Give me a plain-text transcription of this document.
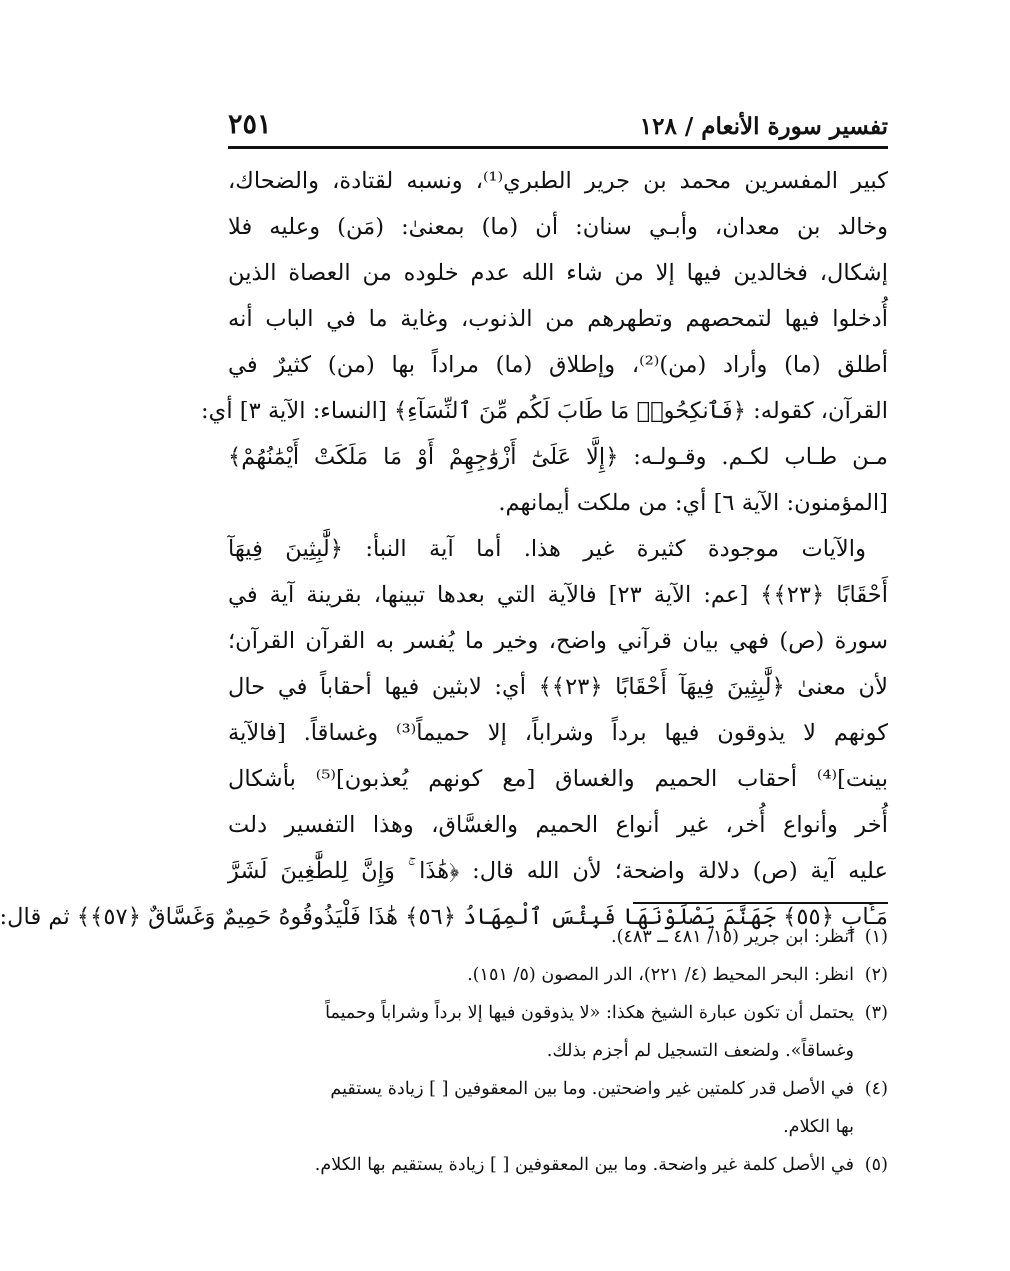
تفسير سورة الأنعام / ١٢٨
٢٥١
كبير المفسرين محمد بن جرير الطبري⁽¹⁾، ونسبه لقتادة، والضحاك،
وخالد بن معدان، وأبـي سنان: أن (ما) بمعنىٰ: (مَن) وعليه فلا
إشكال، فخالدين فيها إلا من شاء الله عدم خلوده من العصاة الذين
أُدخلوا فيها لتمحصهم وتطهرهم من الذنوب، وغاية ما في الباب أنه
أطلق (ما) وأراد (من)⁽²⁾، وإطلاق (ما) مراداً بها (من) كثيرٌ في
القرآن، كقوله: ﴿فَٱنكِحُوا۟ مَا طَابَ لَكُم مِّنَ ٱلنِّسَآءِ﴾ [النساء: الآية ٣] أي:
مـن طـاب لكـم. وقـولـه: ﴿إِلَّا عَلَىٰٓ أَزْوَٰجِهِمْ أَوْ مَا مَلَكَتْ أَيْمَٰنُهُمْ﴾
[المؤمنون: الآية ٦] أي: من ملكت أيمانهم.
والآيات موجودة كثيرة غير هذا. أما آية النبأ: ﴿لَّٰبِثِينَ فِيهَآ
أَحْقَابًا ﴿٢٣﴾﴾ [عم: الآية ٢٣] فالآية التي بعدها تبينها، بقرينة آية في
سورة (ص) فهي بيان قرآني واضح، وخير ما يُفسر به القرآن القرآن؛
لأن معنىٰ ﴿لَّٰبِثِينَ فِيهَآ أَحْقَابًا ﴿٢٣﴾﴾ أي: لابثين فيها أحقاباً في حال
كونهم لا يذوقون فيها برداً وشراباً، إلا حميماً⁽³⁾ وغساقاً. [فالآية
بينت]⁽⁴⁾ أحقاب الحميم والغساق [مع كونهم يُعذبون]⁽⁵⁾ بأشكال
أُخر وأنواع أُخر، غير أنواع الحميم والغسَّاق، وهذا التفسير دلت
عليه آية (ص) دلالة واضحة؛ لأن الله قال: ﴿هَٰذَا ۚ وَإِنَّ لِلطَّٰغِينَ لَشَرَّ
مَـَٔابٍ ﴿٥٥﴾ جَهَنَّمَ يَصْلَوْنَهَا فَبِئْسَ ٱلْمِهَادُ ﴿٥٦﴾ هَٰذَا فَلْيَذُوقُوهُ حَمِيمٌ وَغَسَّاقٌ ﴿٥٧﴾﴾ ثم قال:
(١)انظر: ابن جرير (١٥/ ٤٨١ ــ ٤٨٣).
(٢)انظر: البحر المحيط (٤/ ٢٢١)، الدر المصون (٥/ ١٥١).
(٣)يحتمل أن تكون عبارة الشيخ هكذا: «لا يذوقون فيها إلا برداً وشراباً وحميماً
وغساقاً». ولضعف التسجيل لم أجزم بذلك.
(٤)في الأصل قدر كلمتين غير واضحتين. وما بين المعقوفين [ ] زيادة يستقيم
بها الكلام.
(٥)في الأصل كلمة غير واضحة. وما بين المعقوفين [ ] زيادة يستقيم بها الكلام.
